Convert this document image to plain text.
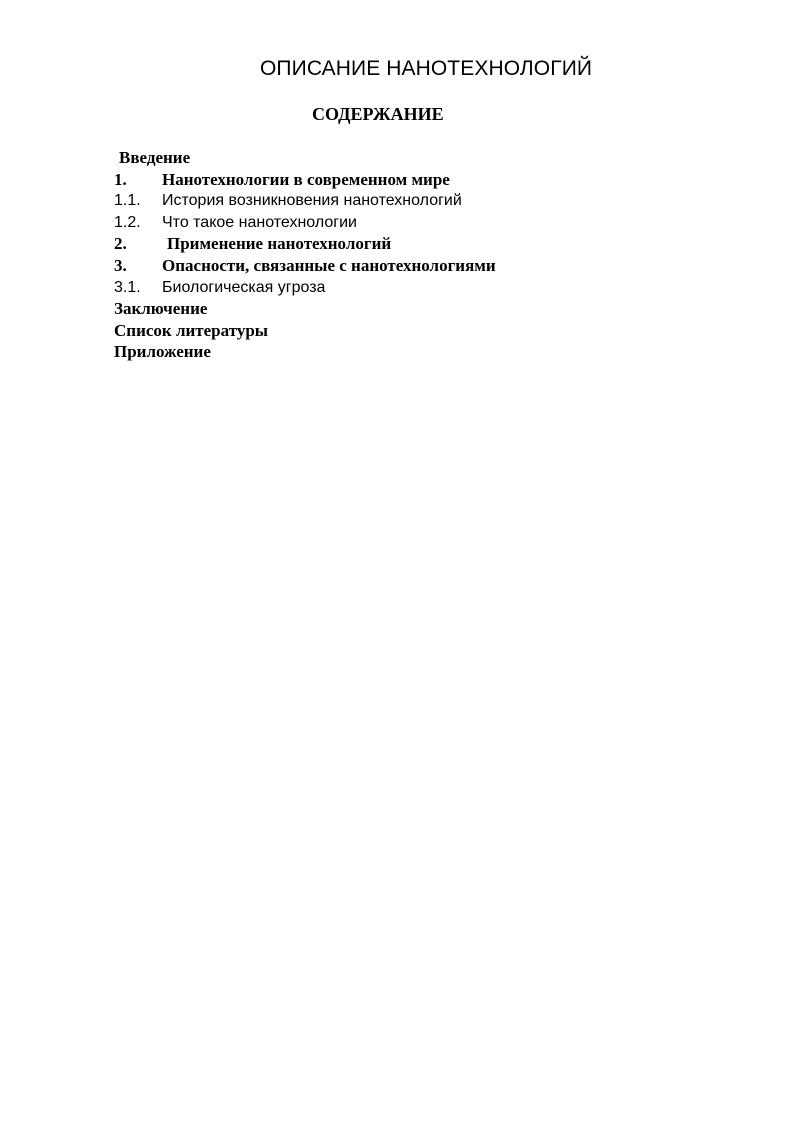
ОПИСАНИЕ НАНОТЕХНОЛОГИЙ
СОДЕРЖАНИЕ
Введение
1.	Нанотехнологии в современном мире
1.1.	История возникновения нанотехнологий
1.2.	Что такое нанотехнологии
2.	Применение нанотехнологий
3.	Опасности, связанные с нанотехнологиями
3.1.	Биологическая угроза
Заключение
Список литературы
Приложение
